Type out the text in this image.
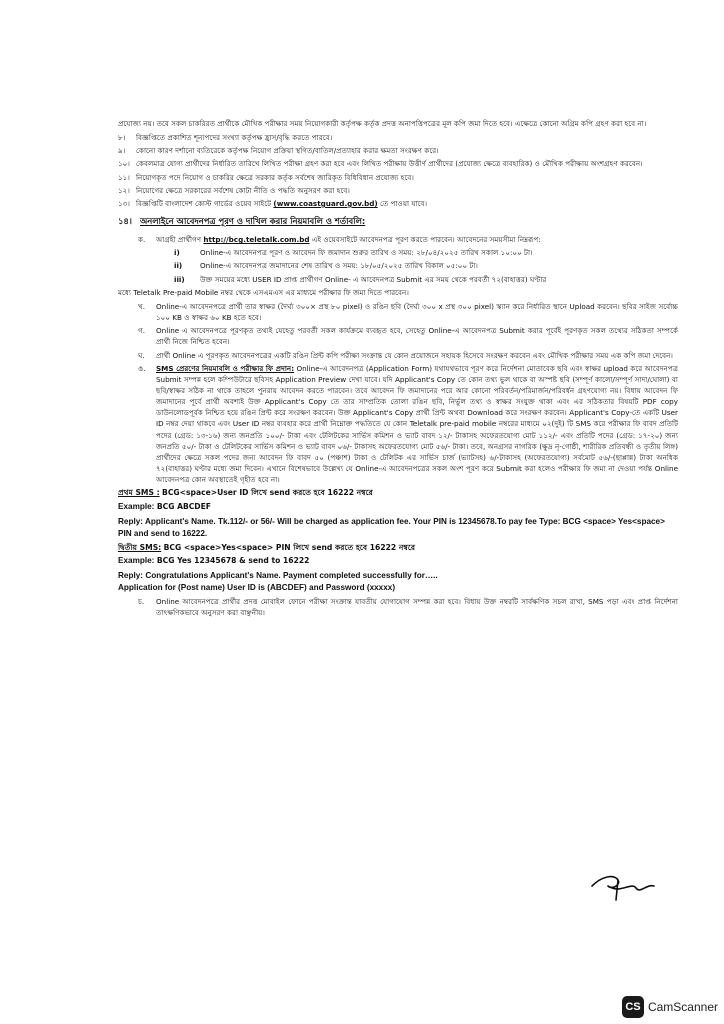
প্রযোজ্য নয়। তবে সকল চাকরিরত প্রার্থীকে মৌখিক পরীক্ষার সময় নিয়োগকারী কর্তৃপক্ষ কর্তৃক প্রদত্ত অনাপত্তিপত্রের মূল কপি জমা দিতে হবে। এক্ষেত্রে কোনো অগ্রিম কপি গ্রহণ করা হবে না।

৮।	বিজ্ঞপ্তিতে প্রকাশিত শূন্যপদের সংখ্যা কর্তৃপক্ষ হ্রাস/বৃদ্ধি করতে পারবে।
৯।	কোনো কারণ দর্শানো ব্যতিরেকে কর্তৃপক্ষ নিয়োগ প্রক্রিয়া স্থগিত/বাতিল/প্রত্যাহার করার ক্ষমতা সংরক্ষণ করে।
১০। কেবলমাত্র যোগ্য প্রার্থীদের নির্ধারিত তারিখে লিখিত পরীক্ষা গ্রহণ করা হবে এবং লিখিত পরীক্ষায় উত্তীর্ণ প্রার্থীদের (প্রযোজ্য ক্ষেত্রে ব্যবহারিক) ও মৌখিক পরীক্ষায় অংশগ্রহণ করবেন।
১১। নিয়োগকৃত পদে নিয়োগ ও চাকরির ক্ষেত্রে সরকার কর্তৃক সর্বশেষ জারিকৃত বিধিবিধান প্রযোজ্য হবে।
১২। নিয়োগের ক্ষেত্রে সরকারের সর্বশেষ কোটা নীতি ও পদ্ধতি অনুসরণ করা হবে।
১৩। বিজ্ঞপ্তিটি বাংলাদেশ কোস্ট গার্ডের ওয়েব সাইটে (www.coastguard.gov.bd) তে পাওয়া যাবে।
১৪। অনলাইনে আবেদনপত্র পূরণ ও দাখিল করার নিয়মাবলি ও শর্তাবলি:
ক.	আগ্রহী প্রার্থীগণ http://bcg.teletalk.com.bd এই ওয়েবসাইটে আবেদনপত্র পূরণ করতে পারবেন। আবেদনের সময়সীমা নিম্নরূপ:
i)	Online-এ আবেদনপত্র পূরণ ও আবেদন ফি জমাদান শুরুর তারিখ ও সময়: ২৮/০৪/২০২৫ তারিখ সকাল ১০:০০ টা।
ii)	Online-এ আবেদনপত্র জমাদানের শেষ তারিখ ও সময়: ১৮/০৫/২০২৫ তারিখ বিকাল ০৫:০০ টা।
iii)	উক্ত সময়ের মধ্যে USER ID প্রাপ্ত প্রার্থীগণ Online- এ আবেদনপত্র Submit এর সময় থেকে পরবর্তী ৭২(বাহাত্তর) ঘণ্টার

মধ্যে Teletalk Pre-paid Mobile নম্বর থেকে এসএমএস এর মাধ্যমে পরীক্ষার ফি জমা দিতে পারবেন।

খ.	Online-এ আবেদনপত্রে প্রার্থী তার স্বাক্ষর (দৈর্ঘ্য ৩০০× প্রস্থ ৮০ pixel) ও রঙিন ছবি (দৈর্ঘ্য ৩০০ x প্রস্থ ৩০০ pixel) স্ক্যান করে নির্ধারিত স্থানে Upload করবেন। ছবির সাইজ সর্বোচ্চ ১০০ KB ও স্বাক্ষর ৬০ KB হতে হবে।
গ.	Online এ আবেদনপত্রে পূরণকৃত তথ্যই যেহেতু পরবর্তী সকল কার্যক্রমে ব্যবহৃত হবে, সেহেতু Online-এ আবেদনপত্র Submit করার পূর্বেই পূরণকৃত সকল তথ্যের সঠিকতা সম্পর্কে প্রার্থী নিজে নিশ্চিত হবেন।
ঘ.	প্রার্থী Online এ পূরণকৃত আবেদনপত্রের একটি রঙিন প্রিন্ট কপি পরীক্ষা সংক্রান্ত যে কোন প্রয়োজনে সহায়ক হিসেবে সংরক্ষণ করবেন এবং মৌখিক পরীক্ষার সময় এক কপি জমা দেবেন।
ঙ.	SMS প্রেরণের নিয়মাবলি ও পরীক্ষার ফি প্রদান: Online-এ আবেদনপত্র (Application Form) যথাযথভাবে পূরণ করে নির্দেশনা মোতাবেক ছবি এবং স্বাক্ষর upload করে আবেদনপত্র Submit সম্পন্ন হলে কম্পিউটারে ছবিসহ Application Preview দেখা যাবে। যদি Applicant's Copy তে কোন তথ্য ভুল থাকে বা অস্পষ্ট ছবি (সম্পূর্ণ কালো/সম্পূর্ণ সাদা/ঘোলা) বা ছবি/স্বাক্ষর সঠিক না থাকে তাহলে পুনরায় আবেদন করতে পারবেন। তবে আবেদন ফি জমাদানের পরে আর কোনো পরিবর্তন/পরিমার্জন/পরিবর্ধন গ্রহণযোগ্য নয়। বিধায় আবেদন ফি জমাদানের পূর্বে প্রার্থী অবশ্যই উক্ত Applicant's Copy তে তার সাম্প্রতিক তোলা রঙিন ছবি, নির্ভুল তথ্য ও স্বাক্ষর সংযুক্ত থাকা এবং এর সঠিকতার বিষয়টি PDF copy ডাউনলোডপূর্বক নিশ্চিত হয়ে রঙিন প্রিন্ট করে সংরক্ষণ করবেন। উক্ত Applicant's Copy প্রার্থী প্রিন্ট অথবা Download করে সংরক্ষণ করবেন। Applicant's Copy-তে একটি User ID নম্বর দেয়া থাকবে এবং User ID নম্বর ব্যবহার করে প্রার্থী নিম্নোক্ত পদ্ধতিতে যে কোন Teletalk pre-paid mobile নম্বরের মাধ্যমে ০২(দুই) টি SMS করে পরীক্ষার ফি বাবদ প্রতিটি পদের (গ্রেড: ১৩-১৬) জন্য জনপ্রতি ১০০/- টাকা এবং টেলিটকের সার্ভিস কমিশন ও ভ্যাট বাবদ ১২/- টাকাসহ অফেরতযোগ্য মোট ১১২/- এবং প্রতিটি পদের (গ্রেড: ১৭-২০) জন্য জনপ্রতি ৫০/- টাকা ও টেলিটকের সার্ভিস কমিশন ও ভ্যাট বাবদ ০৬/- টাকাসহ অফেরতযোগ্য মোট ৫৬/- টাকা। তবে, অনগ্রসর নাগরিক (ক্ষুদ্র নৃ-গোষ্ঠী, শারীরিক প্রতিবন্ধী ও তৃতীয় লিঙ্গ) প্রার্থীদের ক্ষেত্রে সকল পদের জন্য আবেদন ফি বাবদ ৫০ (পঞ্চাশ) টাকা ও টেলিটক এর সার্ভিস চার্জ (ভ্যাটসহ) ৬/-টাকাসহ (অফেরতযোগ্য) সর্বমোট ৫৬/-(ছাপ্পান্ন) টাকা অনধিক ৭২(বাহাত্তর) ঘণ্টার মধ্যে জমা দিবেন। এখানে বিশেষভাবে উল্লেখ্য যে Online-এ আবেদনপত্রের সকল অংশ পূরণ করে Submit করা হলেও পরীক্ষার ফি জমা না দেওয়া পর্যন্ত Online আবেদনপত্র কোন অবস্থাতেই গৃহীত হবে না।

প্রথম SMS : BCG<space>User ID লিখে send করতে হবে 16222 নম্বরে

Example: BCG ABCDEF

Reply: Applicant's Name. Tk.112/- or 56/- Will be charged as application fee. Your PIN is 12345678.To pay fee Type: BCG <space> Yes<space> PIN and send to 16222.

দ্বিতীয় SMS: BCG <space>Yes<space> PIN লিখে send করতে হবে 16222 নম্বরে

Example: BCG Yes 12345678 & send to 16222

Reply: Congratulations Applicant's Name. Payment completed successfully for…..
Application for (Post name) User ID is (ABCDEF) and Password (xxxxx)

চ.	Online আবেদনপত্রে প্রার্থীর প্রদত্ত মোবাইল ফোনে পরীক্ষা সংক্রান্ত যাবতীয় যোগাযোগ সম্পন্ন করা হবে। বিধায় উক্ত নম্বরটি সার্বক্ষণিক সচল রাখা, SMS পড়া এবং প্রাপ্ত নির্দেশনা তাৎক্ষণিকভাবে অনুসরণ করা বাঞ্ছনীয়।
CS CamScanner
